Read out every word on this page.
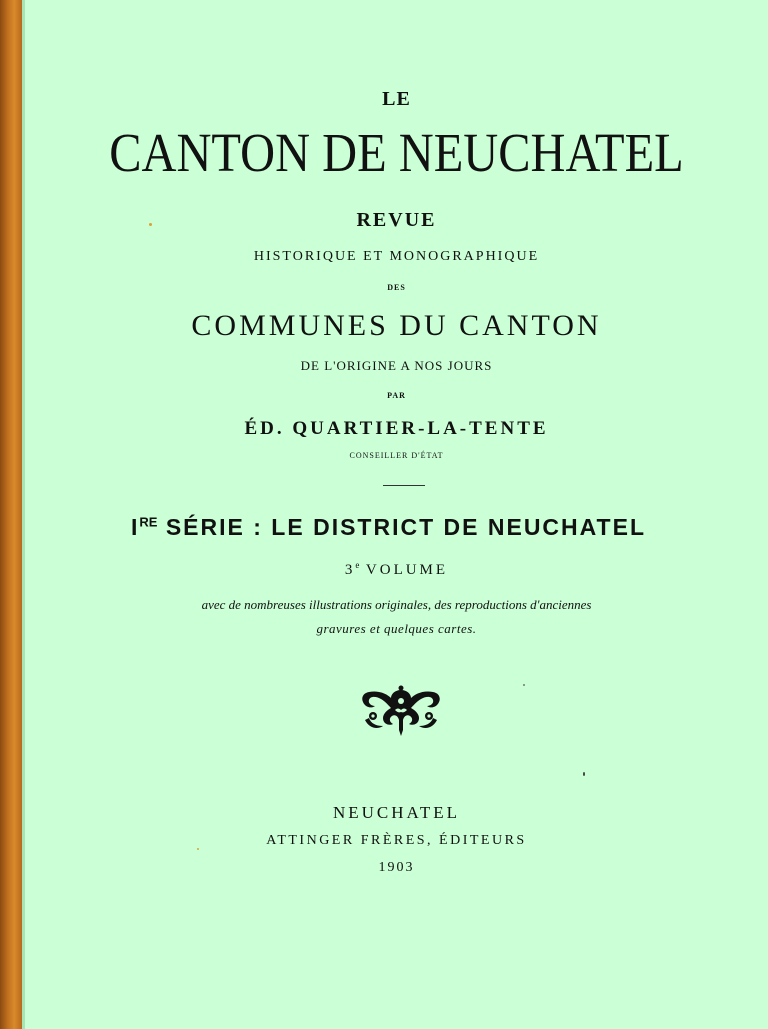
LE
CANTON DE NEUCHATEL
REVUE
HISTORIQUE ET MONOGRAPHIQUE
DES
COMMUNES DU CANTON
DE L'ORIGINE A NOS JOURS
PAR
ÉD. QUARTIER-LA-TENTE
CONSEILLER D'ÉTAT
IRE SÉRIE : LE DISTRICT DE NEUCHATEL
3e VOLUME
avec de nombreuses illustrations originales, des reproductions d'anciennes
gravures et quelques cartes.
NEUCHATEL
ATTINGER FRÈRES, ÉDITEURS
1903
